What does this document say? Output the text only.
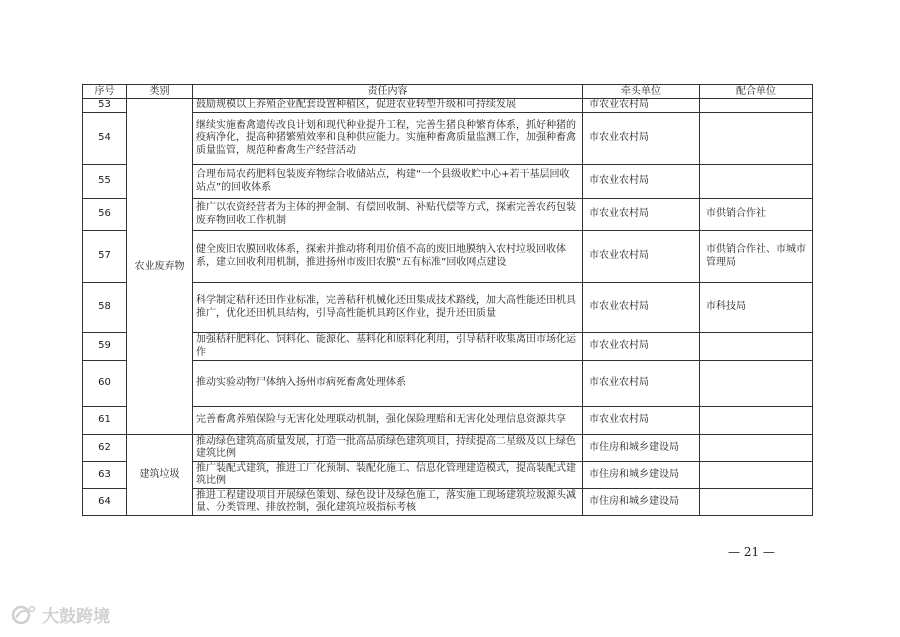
序号	类别	责任内容	牵头单位	配合单位
53	农业废弃物	鼓励规模以上养殖企业配套设置种植区，促进农业转型升级和可持续发展	市农业农村局	
54		继续实施畜禽遗传改良计划和现代种业提升工程，完善生猪良种繁育体系，抓好种猪的疫病净化，提高种猪繁殖效率和良种供应能力。实施种畜禽质量监测工作，加强种畜禽质量监管，规范种畜禽生产经营活动	市农业农村局	
55		合理布局农药肥料包装废弃物综合收储站点，构建“一个县级收贮中心+若干基层回收站点”的回收体系	市农业农村局	
56		推广以农资经营者为主体的押金制、有偿回收制、补贴代偿等方式，探索完善农药包装废弃物回收工作机制	市农业农村局	市供销合作社
57		健全废旧农膜回收体系，探索并推动将利用价值不高的废旧地膜纳入农村垃圾回收体系，建立回收利用机制，推进扬州市废旧农膜“五有标准”回收网点建设	市农业农村局	市供销合作社、市城市管理局
58		科学制定秸秆还田作业标准，完善秸秆机械化还田集成技术路线，加大高性能还田机具推广，优化还田机具结构，引导高性能机具跨区作业，提升还田质量	市农业农村局	市科技局
59		加强秸秆肥料化、饲料化、能源化、基料化和原料化利用，引导秸秆收集离田市场化运作	市农业农村局	
60		推动实验动物尸体纳入扬州市病死畜禽处理体系	市农业农村局	
61		完善畜禽养殖保险与无害化处理联动机制，强化保险理赔和无害化处理信息资源共享	市农业农村局	
62	建筑垃圾	推动绿色建筑高质量发展，打造一批高品质绿色建筑项目，持续提高二星级及以上绿色建筑比例	市住房和城乡建设局	
63		推广装配式建筑，推进工厂化预制、装配化施工、信息化管理建造模式，提高装配式建筑比例	市住房和城乡建设局	
64		推进工程建设项目开展绿色策划、绿色设计及绿色施工，落实施工现场建筑垃圾源头减量、分类管理、排放控制，强化建筑垃圾指标考核	市住房和城乡建设局	
— 21 —
大鼓跨境
